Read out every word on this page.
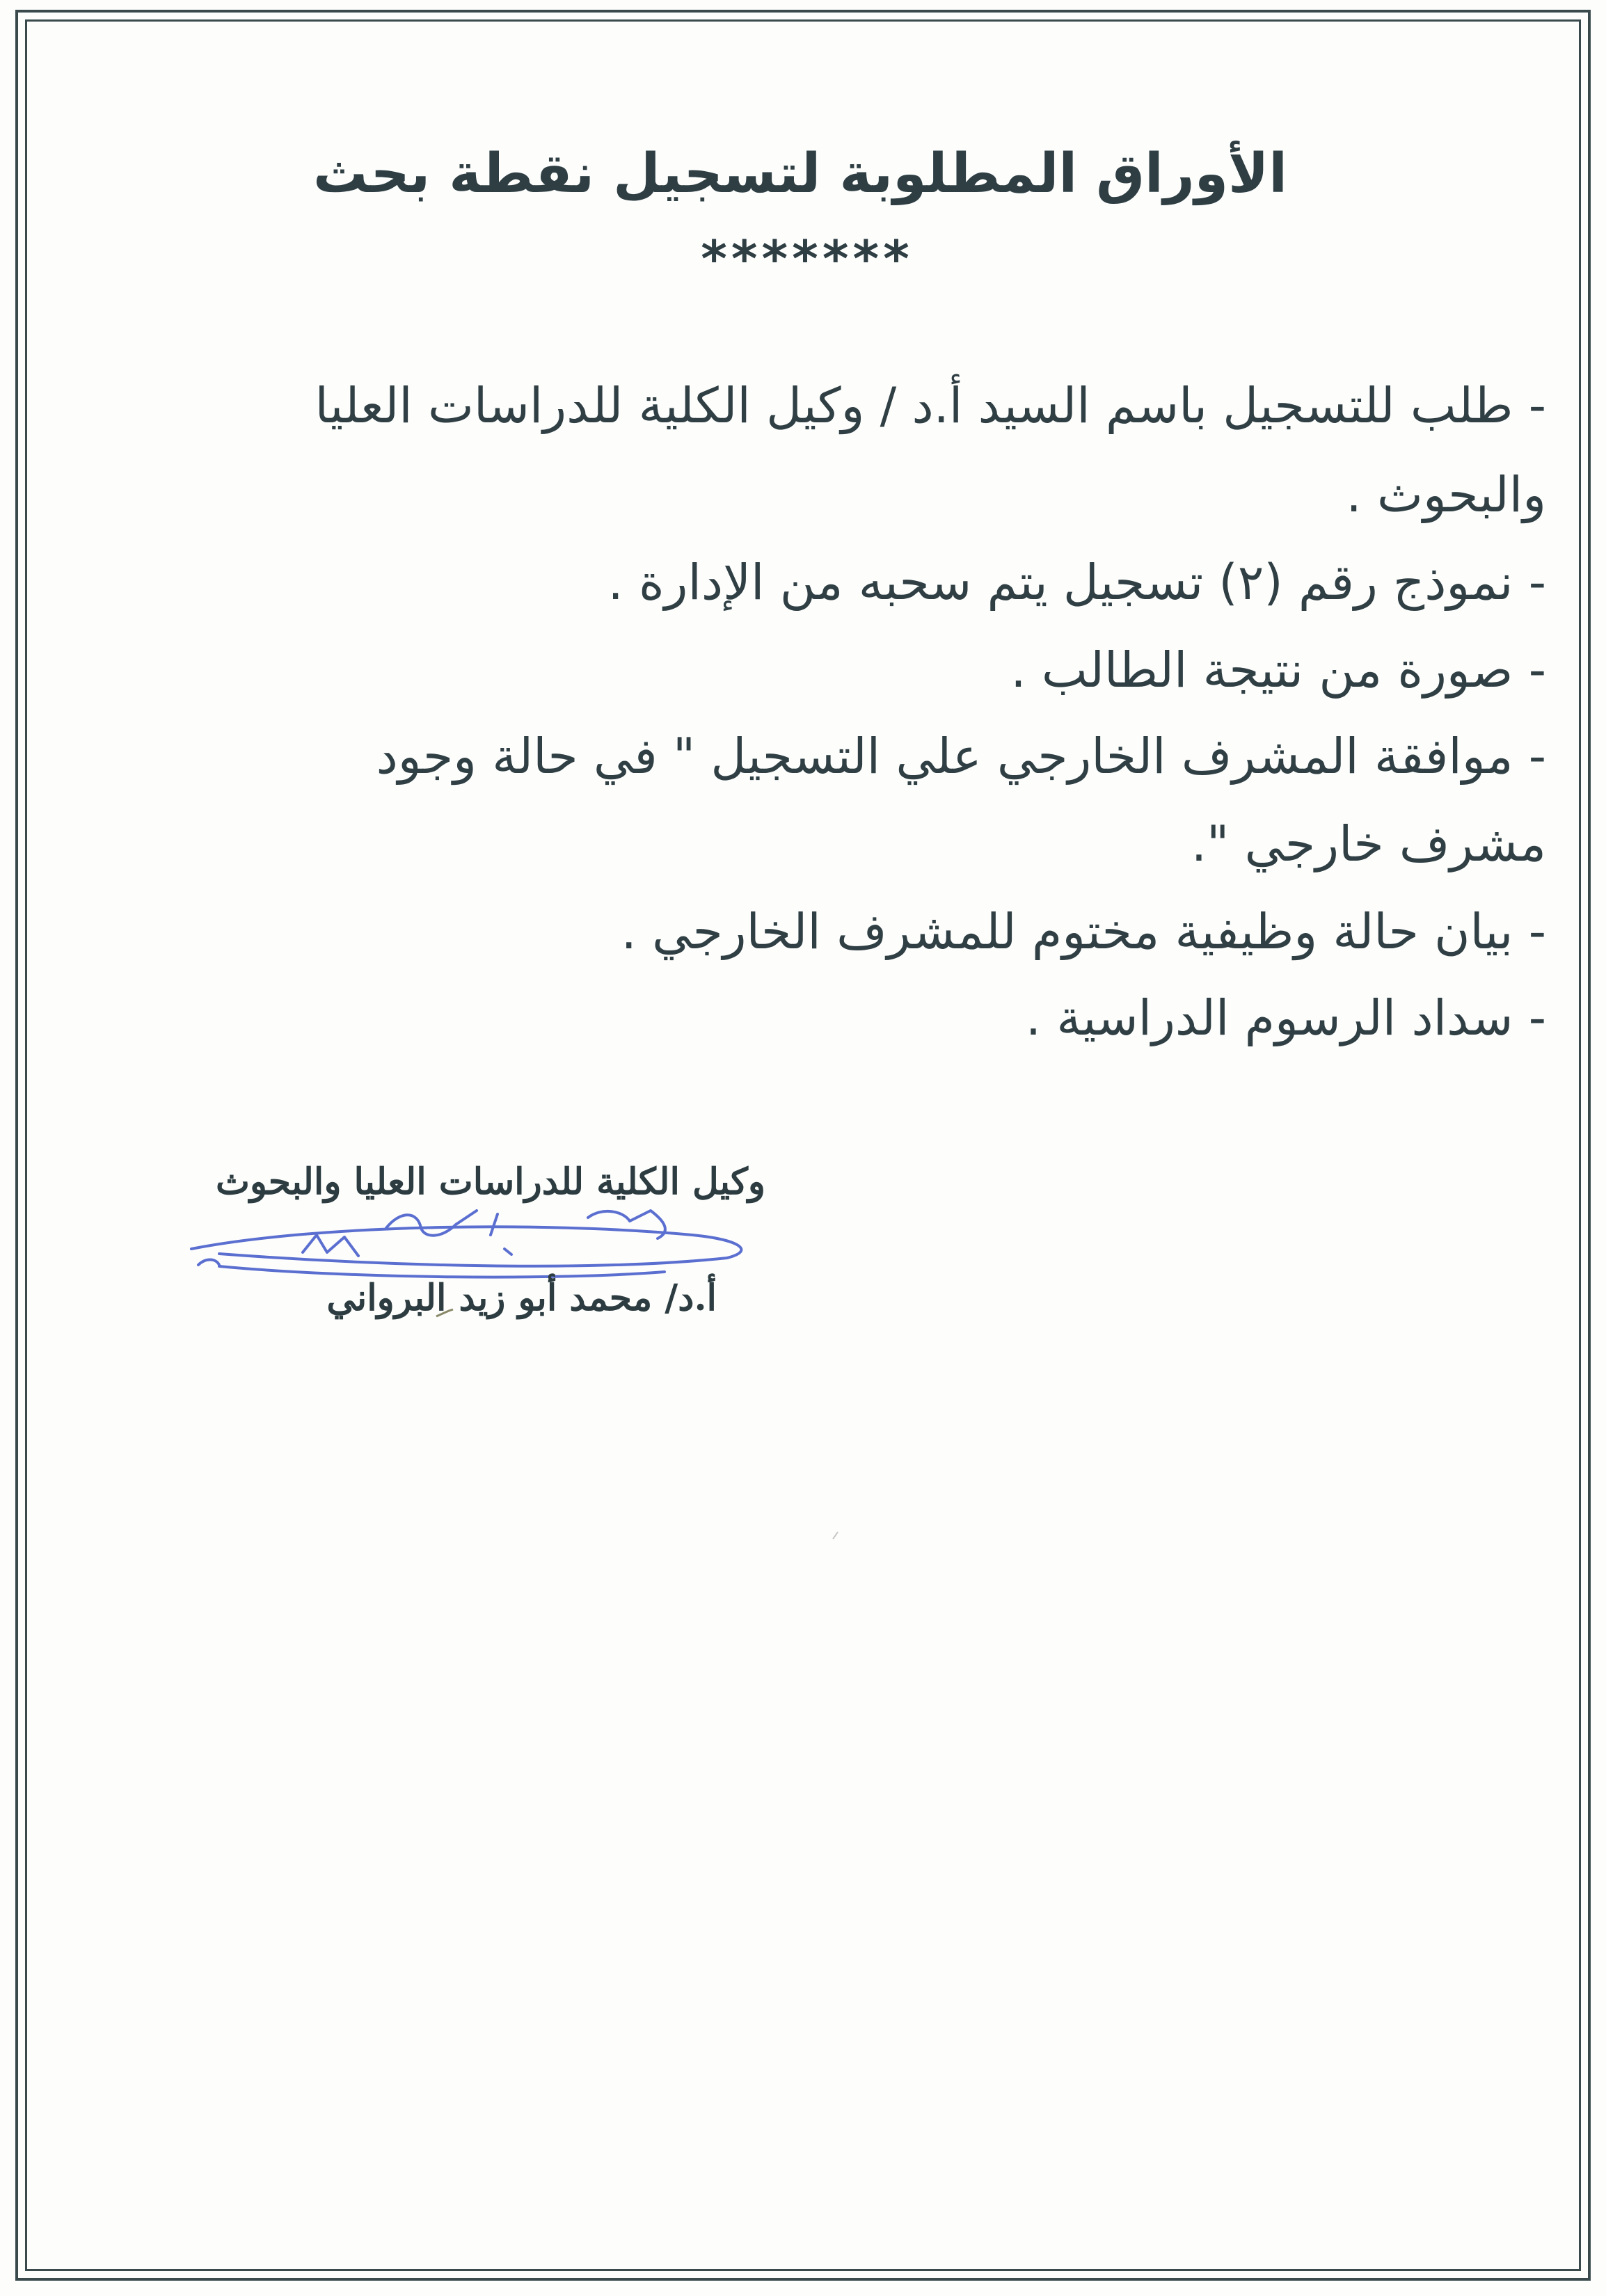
الأوراق المطلوبة لتسجيل نقطة بحث
*******
- طلب للتسجيل باسم السيد أ.د / وكيل الكلية للدراسات العليا
والبحوث .
- نموذج رقم (٢) تسجيل يتم سحبه من الإدارة .
- صورة من نتيجة الطالب .
- موافقة المشرف الخارجي علي التسجيل " في حالة وجود
مشرف خارجي ".
- بيان حالة وظيفية مختوم للمشرف الخارجي .
- سداد الرسوم الدراسية .
وكيل الكلية للدراسات العليا والبحوث
أ.د/ محمد أبو زيد البرواني
